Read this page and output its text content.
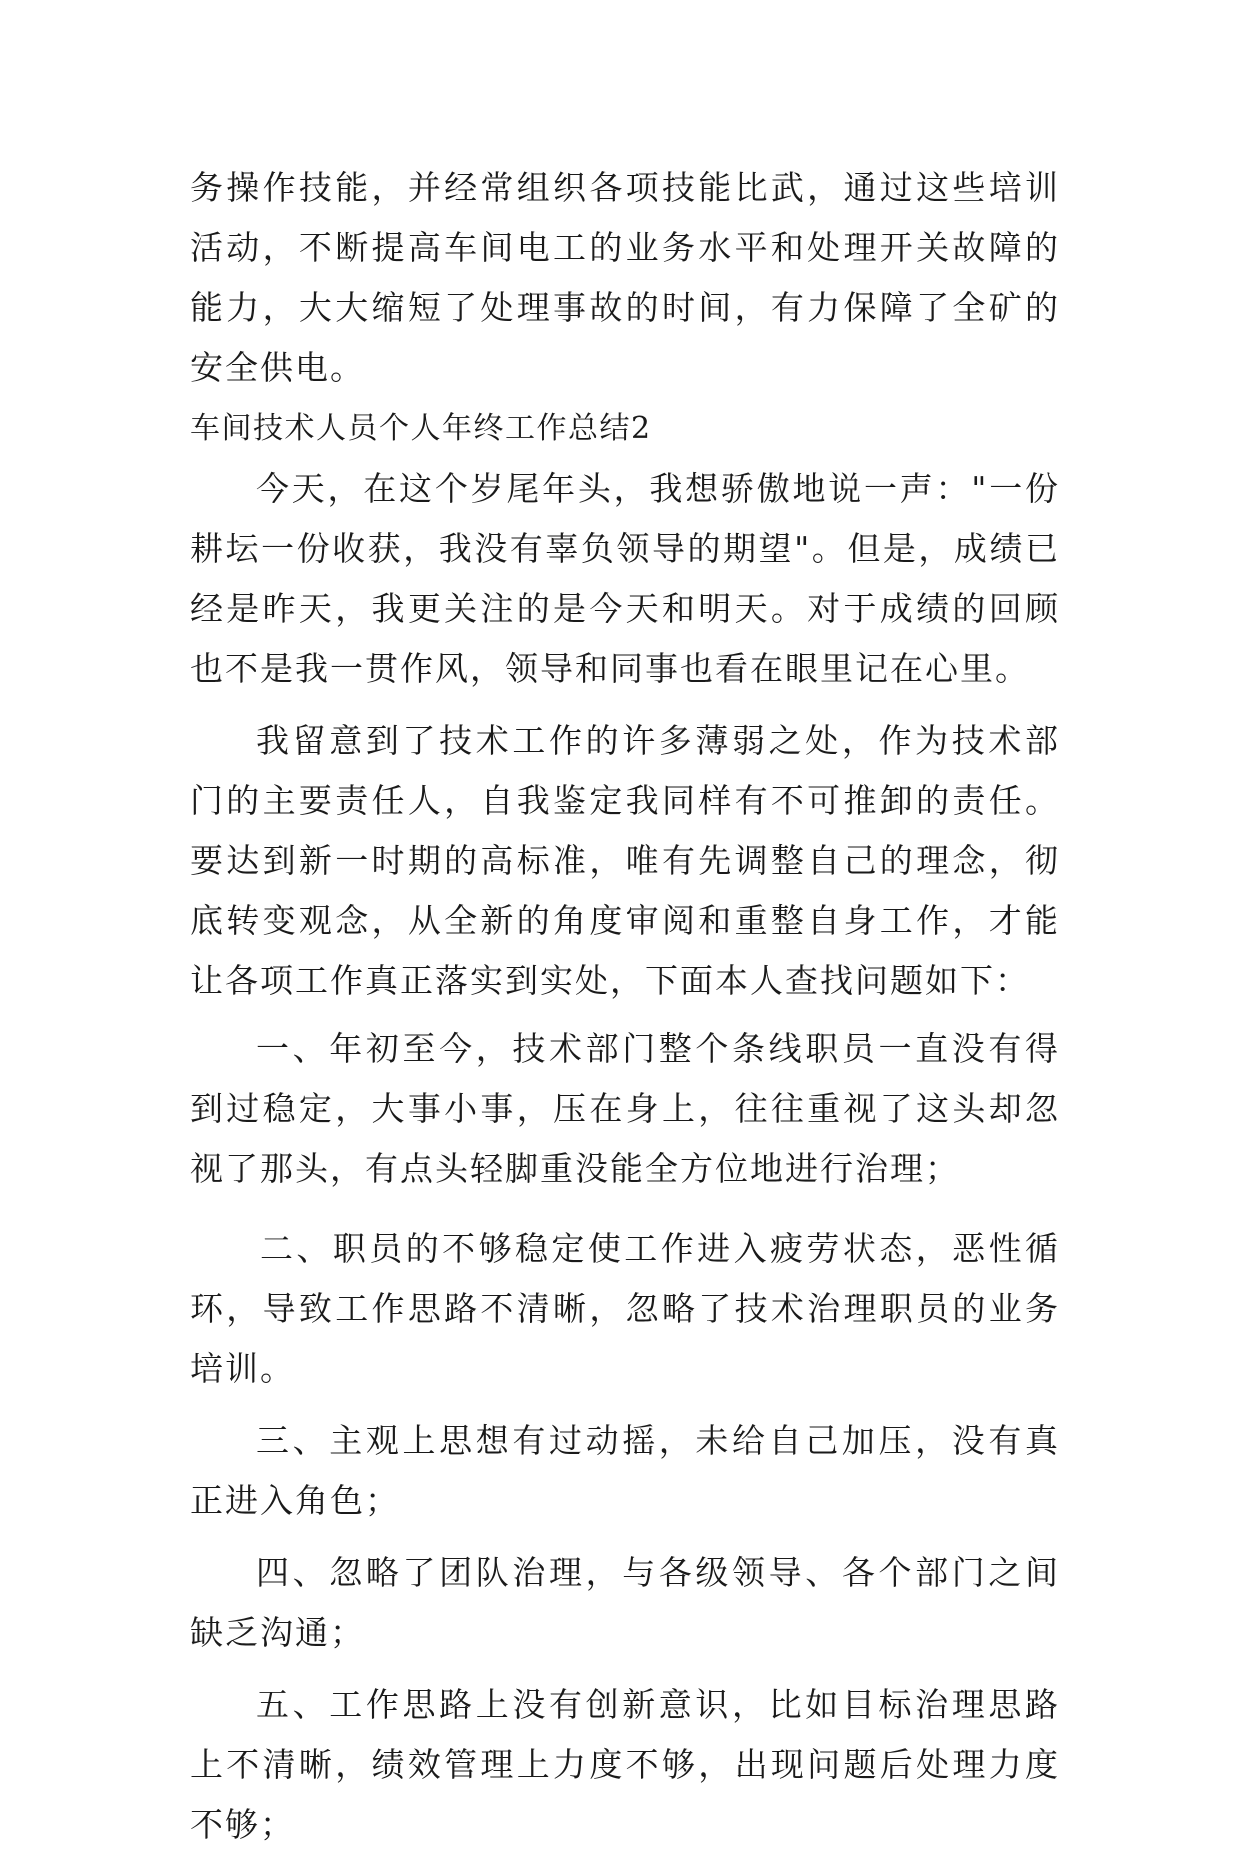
务操作技能，并经常组织各项技能比武，通过这些培训活动，不断提高车间电工的业务水平和处理开关故障的能力，大大缩短了处理事故的时间，有力保障了全矿的安全供电。

车间技术人员个人年终工作总结2

今天，在这个岁尾年头，我想骄傲地说一声："一份耕坛一份收获，我没有辜负领导的期望"。但是，成绩已经是昨天，我更关注的是今天和明天。对于成绩的回顾也不是我一贯作风，领导和同事也看在眼里记在心里。

我留意到了技术工作的许多薄弱之处，作为技术部门的主要责任人，自我鉴定我同样有不可推卸的责任。要达到新一时期的高标准，唯有先调整自己的理念，彻底转变观念，从全新的角度审阅和重整自身工作，才能让各项工作真正落实到实处，下面本人查找问题如下：

一、年初至今，技术部门整个条线职员一直没有得到过稳定，大事小事，压在身上，往往重视了这头却忽视了那头，有点头轻脚重没能全方位地进行治理；

二、职员的不够稳定使工作进入疲劳状态，恶性循环，导致工作思路不清晰，忽略了技术治理职员的业务培训。

三、主观上思想有过动摇，未给自己加压，没有真正进入角色；

四、忽略了团队治理，与各级领导、各个部门之间缺乏沟通；

五、工作思路上没有创新意识，比如目标治理思路上不清晰，绩效管理上力度不够，出现问题后处理力度不够；
